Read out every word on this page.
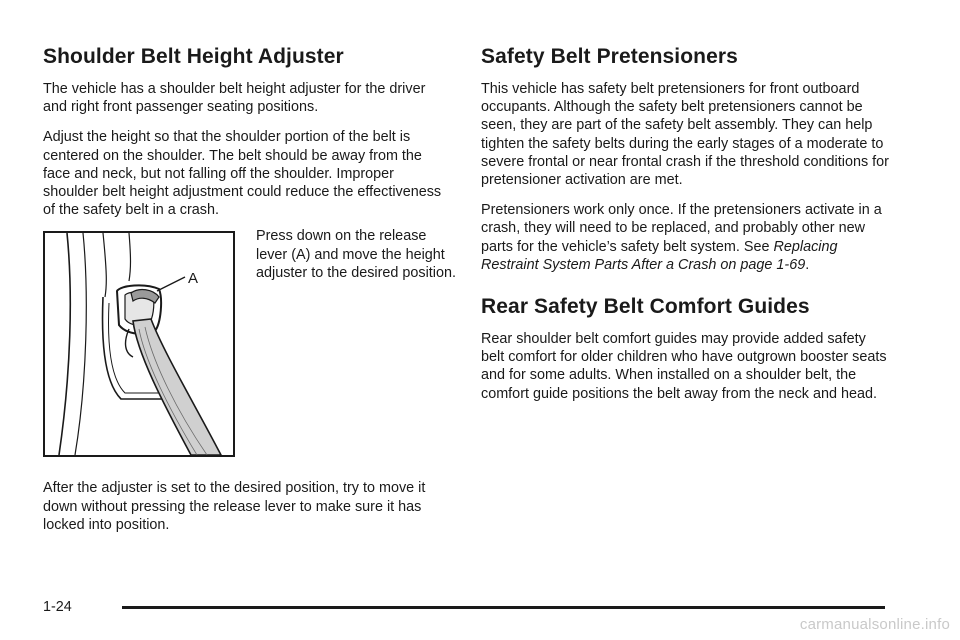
Shoulder Belt Height Adjuster

The vehicle has a shoulder belt height adjuster for the driver and right front passenger seating positions.

Adjust the height so that the shoulder portion of the belt is centered on the shoulder. The belt should be away from the face and neck, but not falling off the shoulder. Improper shoulder belt height adjustment could reduce the effectiveness of the safety belt in a crash.

A

Press down on the release lever (A) and move the height adjuster to the desired position.

After the adjuster is set to the desired position, try to move it down without pressing the release lever to make sure it has locked into position.

Safety Belt Pretensioners

This vehicle has safety belt pretensioners for front outboard occupants. Although the safety belt pretensioners cannot be seen, they are part of the safety belt assembly. They can help tighten the safety belts during the early stages of a moderate to severe frontal or near frontal crash if the threshold conditions for pretensioner activation are met.

Pretensioners work only once. If the pretensioners activate in a crash, they will need to be replaced, and probably other new parts for the vehicle’s safety belt system. See Replacing Restraint System Parts After a Crash on page 1-69.

Rear Safety Belt Comfort Guides

Rear shoulder belt comfort guides may provide added safety belt comfort for older children who have outgrown booster seats and for some adults. When installed on a shoulder belt, the comfort guide positions the belt away from the neck and head.

1-24
carmanualsonline.info
